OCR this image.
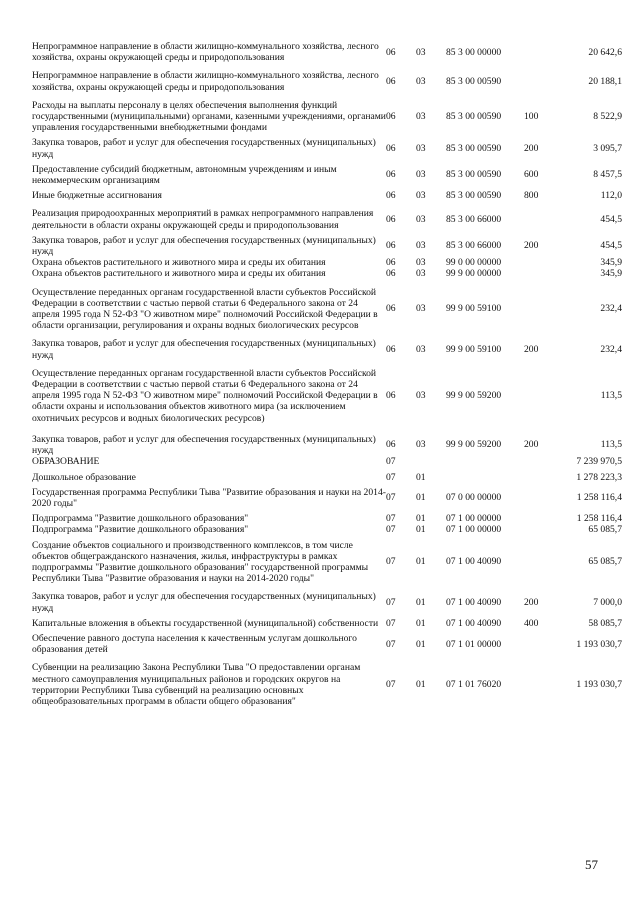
Непрограммное направление в области жилищно-коммунального хозяйства, лесного хозяйства, охраны окружающей среды и природопользования	06	03	85 3 00 00000		20 642,6
Непрограммное направление в области жилищно-коммунального хозяйства, лесного хозяйства, охраны окружающей среды и природопользования	06	03	85 3 00 00590		20 188,1
Расходы на выплаты персоналу в целях обеспечения выполнения функций государственными (муниципальными) органами, казенными учреждениями, органами управления государственными внебюджетными фондами	06	03	85 3 00 00590	100	8 522,9
Закупка товаров, работ и услуг для обеспечения государственных (муниципальных) нужд	06	03	85 3 00 00590	200	3 095,7
Предоставление субсидий бюджетным, автономным учреждениям и иным некоммерческим организациям	06	03	85 3 00 00590	600	8 457,5
Иные бюджетные ассигнования	06	03	85 3 00 00590	800	112,0
Реализация природоохранных мероприятий в рамках непрограммного направления деятельности в области охраны окружающей среды и природопользования	06	03	85 3 00 66000		454,5
Закупка товаров, работ и услуг для обеспечения государственных (муниципальных) нужд	06	03	85 3 00 66000	200	454,5
Охрана объектов растительного и животного мира и среды их обитания	06	03	99 0 00 00000		345,9
Охрана объектов растительного и животного мира и среды их обитания	06	03	99 9 00 00000		345,9
Осуществление переданных органам государственной власти субъектов Российской Федерации в соответствии с частью первой статьи 6 Федерального закона от 24 апреля 1995 года N 52-ФЗ "О животном мире" полномочий Российской Федерации в области организации, регулирования и охраны водных биологических ресурсов	06	03	99 9 00 59100		232,4
Закупка товаров, работ и услуг для обеспечения государственных (муниципальных) нужд	06	03	99 9 00 59100	200	232,4
Осуществление переданных органам государственной власти субъектов Российской Федерации в соответствии с частью первой статьи 6 Федерального закона от 24 апреля 1995 года N 52-ФЗ "О животном мире" полномочий Российской Федерации в области охраны и использования объектов животного мира (за исключением охотничьих ресурсов и водных биологических ресурсов)	06	03	99 9 00 59200		113,5
Закупка товаров, работ и услуг для обеспечения государственных (муниципальных) нужд	06	03	99 9 00 59200	200	113,5
ОБРАЗОВАНИЕ	07				7 239 970,5
Дошкольное образование	07	01			1 278 223,3
Государственная программа Республики Тыва "Развитие образования и науки на 2014-2020 годы"	07	01	07 0 00 00000		1 258 116,4
Подпрограмма "Развитие дошкольного образования"	07	01	07 1 00 00000		1 258 116,4
Подпрограмма "Развитие дошкольного образования"	07	01	07 1 00 00000		65 085,7
Создание объектов социального и производственного комплексов, в том числе объектов общегражданского назначения, жилья, инфраструктуры в рамках подпрограммы "Развитие дошкольного образования" государственной программы Республики Тыва "Развитие образования и науки на 2014-2020 годы"	07	01	07 1 00 40090		65 085,7
Закупка товаров, работ и услуг для обеспечения государственных (муниципальных) нужд	07	01	07 1 00 40090	200	7 000,0
Капитальные вложения в объекты государственной (муниципальной) собственности	07	01	07 1 00 40090	400	58 085,7
Обеспечение равного доступа населения к качественным услугам дошкольного образования детей	07	01	07 1 01 00000		1 193 030,7
Субвенции на реализацию Закона Республики Тыва "О предоставлении органам местного самоуправления муниципальных районов и городских округов на территории Республики Тыва субвенций на реализацию основных общеобразовательных программ в области общего образования"	07	01	07 1 01 76020		1 193 030,7
57
